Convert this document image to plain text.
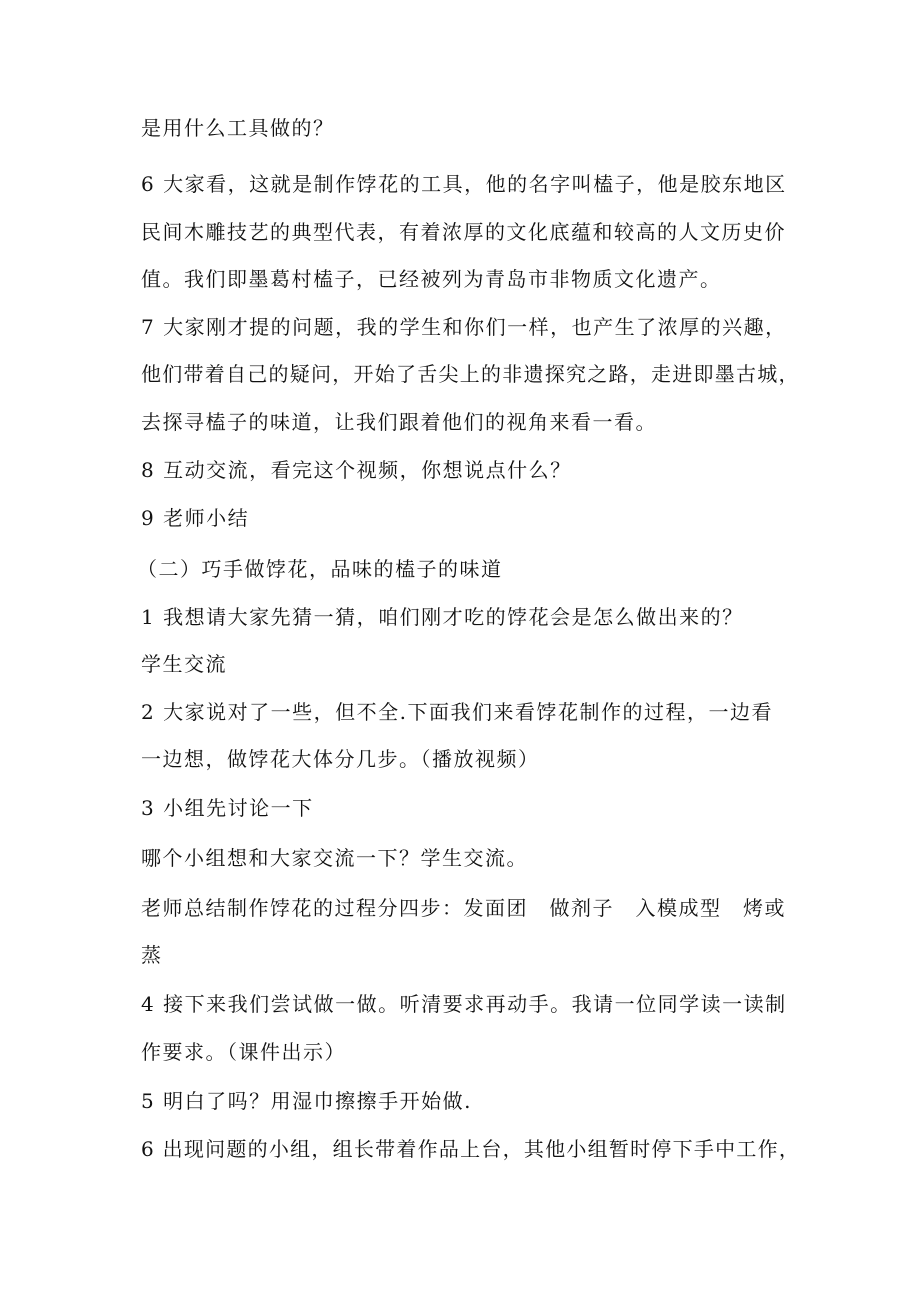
是用什么工具做的？
6 大家看，这就是制作饽花的工具，他的名字叫榼子，他是胶东地区
民间木雕技艺的典型代表，有着浓厚的文化底蕴和较高的人文历史价
值。我们即墨葛村榼子，已经被列为青岛市非物质文化遗产。
7 大家刚才提的问题，我的学生和你们一样，也产生了浓厚的兴趣，
他们带着自己的疑问，开始了舌尖上的非遗探究之路，走进即墨古城，
去探寻榼子的味道，让我们跟着他们的视角来看一看。
8 互动交流，看完这个视频，你想说点什么？
9 老师小结
（二）巧手做饽花，品味的榼子的味道
1 我想请大家先猜一猜，咱们刚才吃的饽花会是怎么做出来的？
学生交流
2 大家说对了一些，但不全.下面我们来看饽花制作的过程，一边看
一边想，做饽花大体分几步。（播放视频）
3 小组先讨论一下
哪个小组想和大家交流一下？学生交流。
老师总结制作饽花的过程分四步：发面团　做剂子　入模成型　烤或
蒸
4 接下来我们尝试做一做。听清要求再动手。我请一位同学读一读制
作要求。（课件出示）
5 明白了吗？用湿巾擦擦手开始做.
6 出现问题的小组，组长带着作品上台，其他小组暂时停下手中工作，
